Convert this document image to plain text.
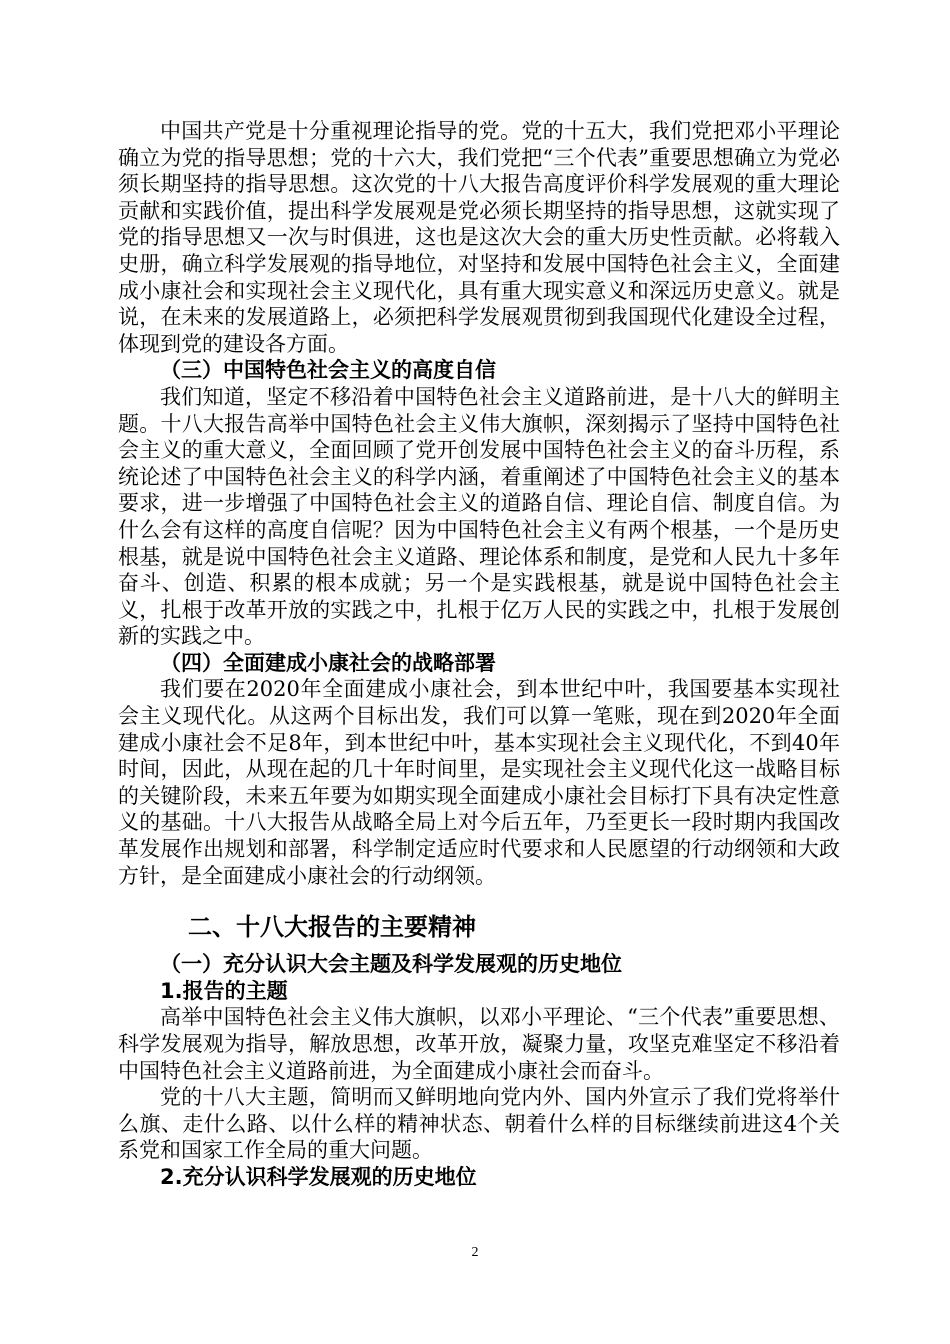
中国共产党是十分重视理论指导的党。党的十五大，我们党把邓小平理论确立为党的指导思想；党的十六大，我们党把“三个代表”重要思想确立为党必须长期坚持的指导思想。这次党的十八大报告高度评价科学发展观的重大理论贡献和实践价值，提出科学发展观是党必须长期坚持的指导思想，这就实现了党的指导思想又一次与时俱进，这也是这次大会的重大历史性贡献。必将载入史册，确立科学发展观的指导地位，对坚持和发展中国特色社会主义，全面建成小康社会和实现社会主义现代化，具有重大现实意义和深远历史意义。就是说，在未来的发展道路上，必须把科学发展观贯彻到我国现代化建设全过程，体现到党的建设各方面。

（三）中国特色社会主义的高度自信

我们知道，坚定不移沿着中国特色社会主义道路前进，是十八大的鲜明主题。十八大报告高举中国特色社会主义伟大旗帜，深刻揭示了坚持中国特色社会主义的重大意义，全面回顾了党开创发展中国特色社会主义的奋斗历程，系统论述了中国特色社会主义的科学内涵，着重阐述了中国特色社会主义的基本要求，进一步增强了中国特色社会主义的道路自信、理论自信、制度自信。为什么会有这样的高度自信呢？因为中国特色社会主义有两个根基，一个是历史根基，就是说中国特色社会主义道路、理论体系和制度，是党和人民九十多年奋斗、创造、积累的根本成就；另一个是实践根基，就是说中国特色社会主义，扎根于改革开放的实践之中，扎根于亿万人民的实践之中，扎根于发展创新的实践之中。

（四）全面建成小康社会的战略部署

我们要在2020年全面建成小康社会，到本世纪中叶，我国要基本实现社会主义现代化。从这两个目标出发，我们可以算一笔账，现在到2020年全面建成小康社会不足8年，到本世纪中叶，基本实现社会主义现代化，不到40年时间，因此，从现在起的几十年时间里，是实现社会主义现代化这一战略目标的关键阶段，未来五年要为如期实现全面建成小康社会目标打下具有决定性意义的基础。十八大报告从战略全局上对今后五年，乃至更长一段时期内我国改革发展作出规划和部署，科学制定适应时代要求和人民愿望的行动纲领和大政方针，是全面建成小康社会的行动纲领。

二、十八大报告的主要精神

（一）充分认识大会主题及科学发展观的历史地位

1.报告的主题

高举中国特色社会主义伟大旗帜，以邓小平理论、“三个代表”重要思想、科学发展观为指导，解放思想，改革开放，凝聚力量，攻坚克难坚定不移沿着中国特色社会主义道路前进，为全面建成小康社会而奋斗。

党的十八大主题，简明而又鲜明地向党内外、国内外宣示了我们党将举什么旗、走什么路、以什么样的精神状态、朝着什么样的目标继续前进这4个关系党和国家工作全局的重大问题。

2.充分认识科学发展观的历史地位

2
